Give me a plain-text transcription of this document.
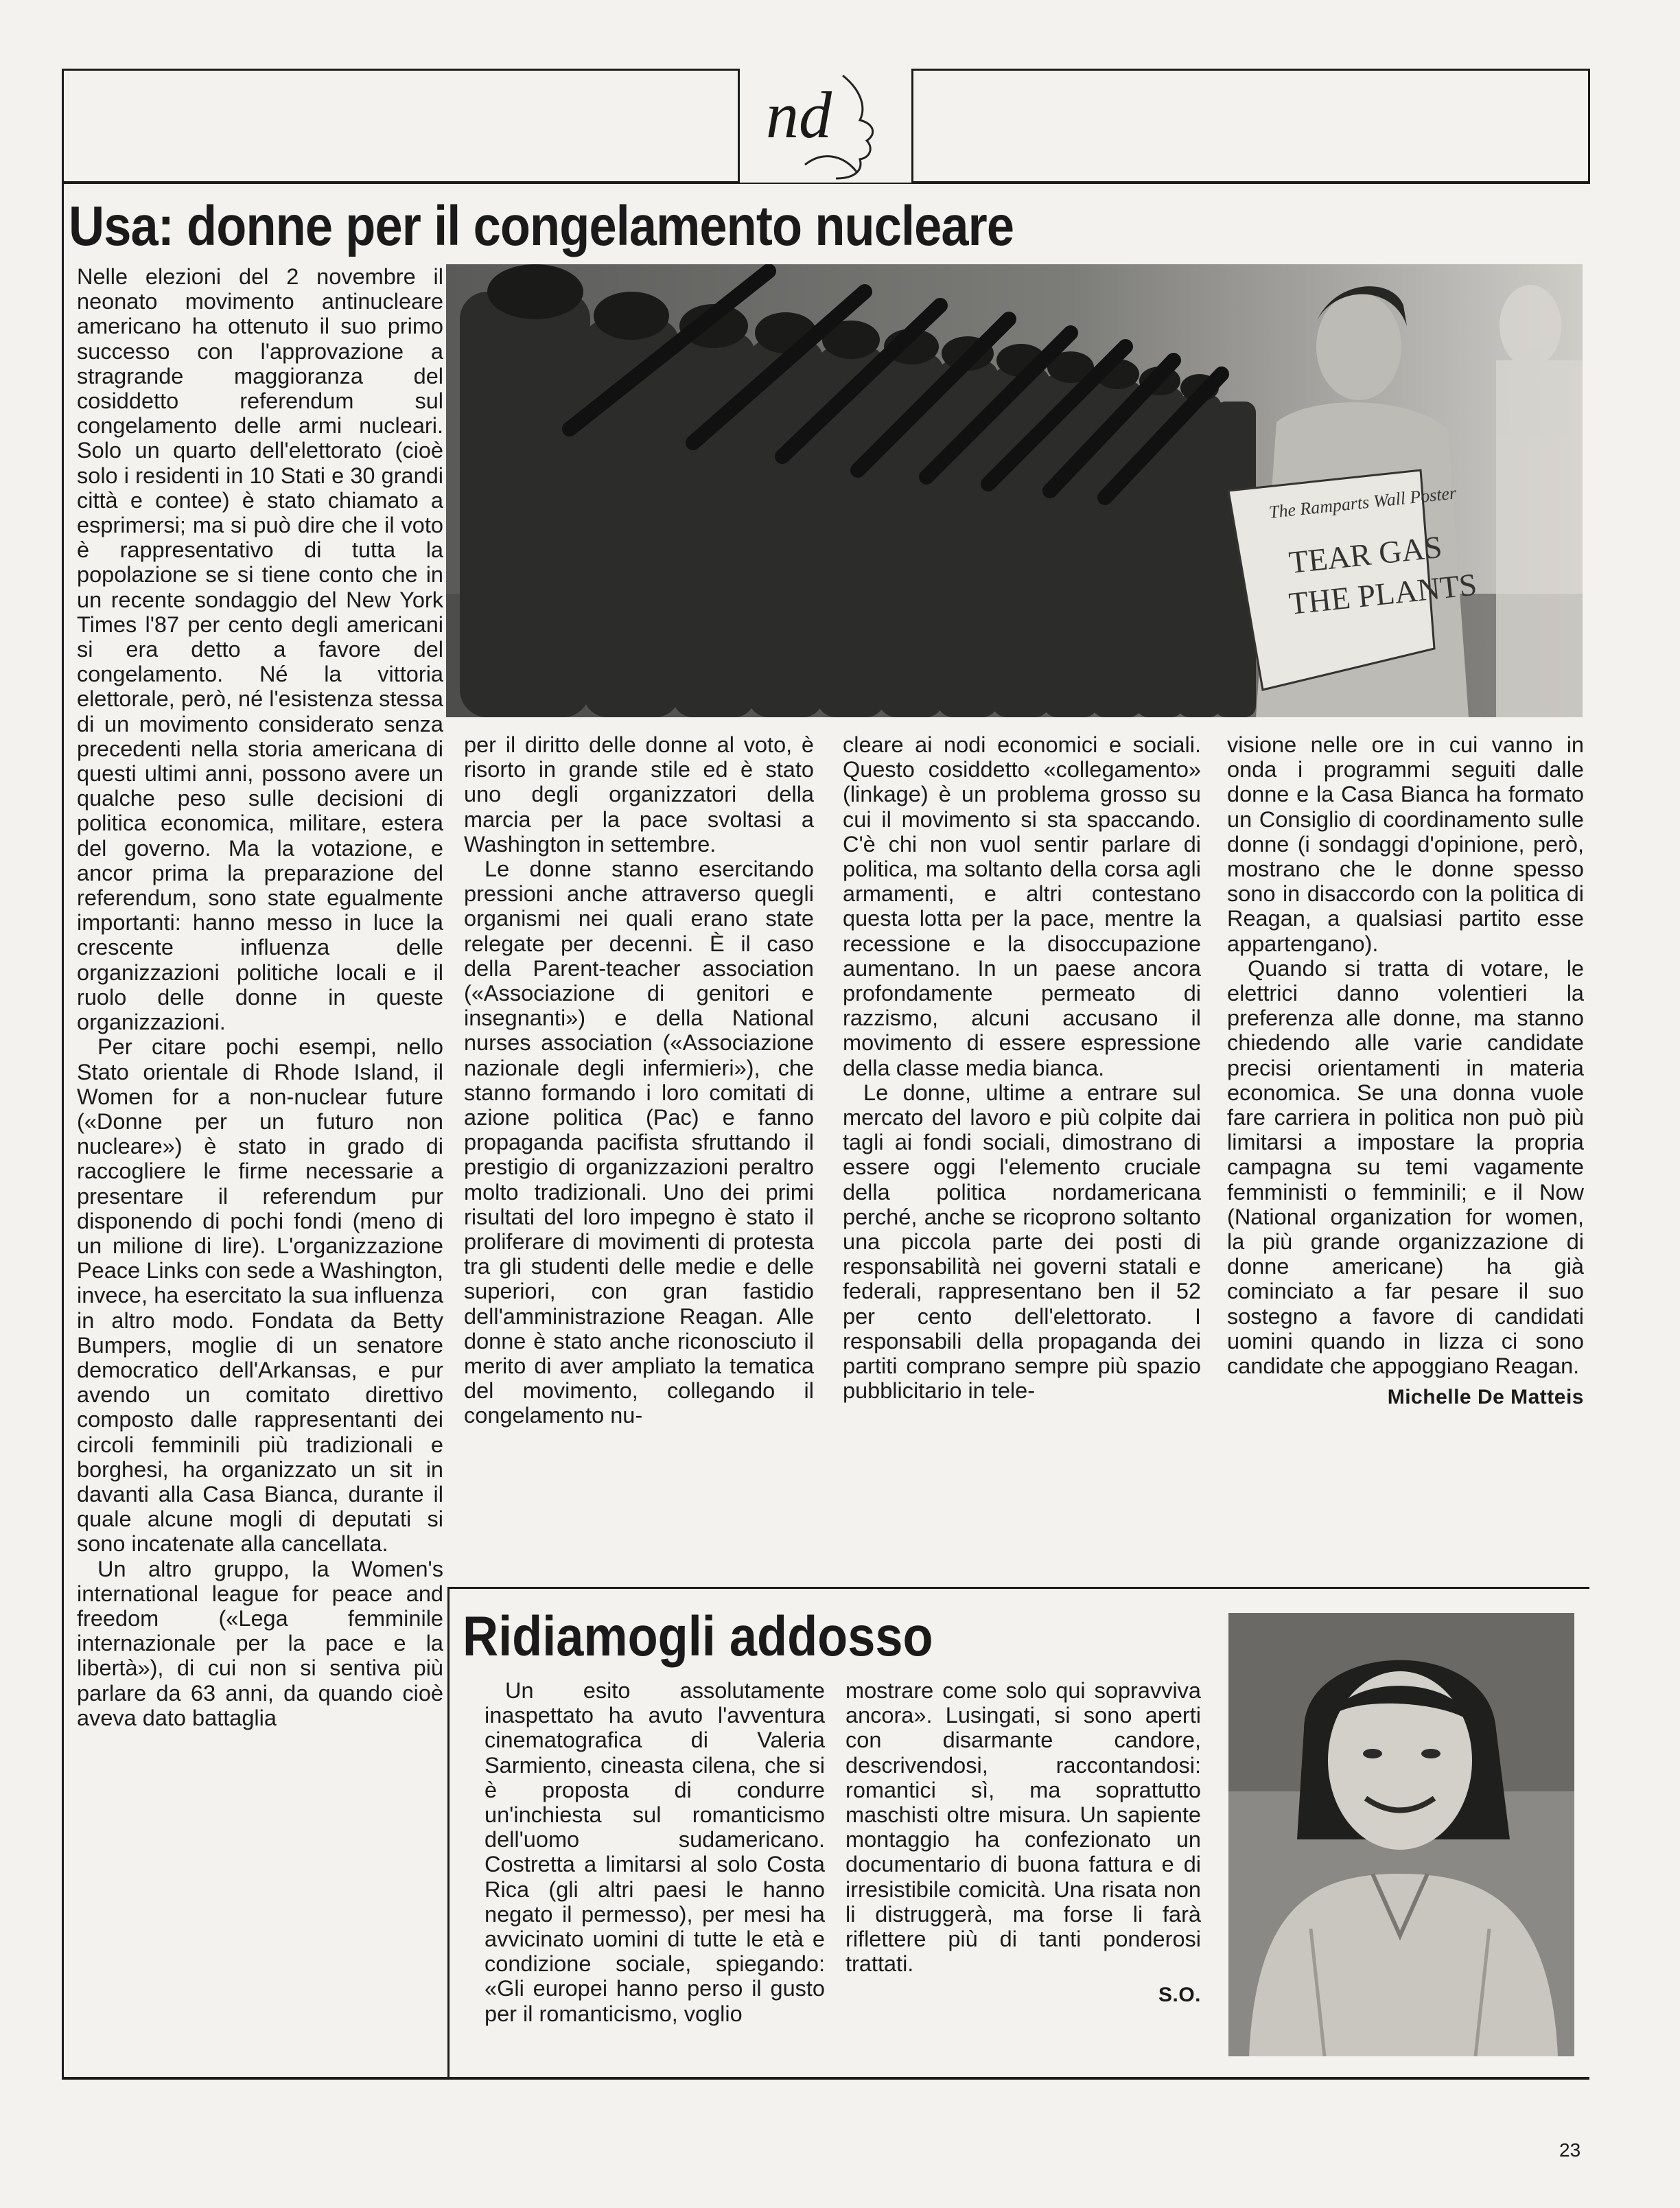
nd
Usa: donne per il congelamento nucleare

Nelle elezioni del 2 novembre il neonato movimento antinucleare americano ha ottenuto il suo primo successo con l'approvazione a stragrande maggioranza del cosiddetto referendum sul congelamento delle armi nucleari. Solo un quarto dell'elettorato (cioè solo i residenti in 10 Stati e 30 grandi città e contee) è stato chiamato a esprimersi; ma si può dire che il voto è rappresentativo di tutta la popolazione se si tiene conto che in un recente sondaggio del New York Times l'87 per cento degli americani si era detto a favore del congelamento. Né la vittoria elettorale, però, né l'esistenza stessa di un movimento considerato senza precedenti nella storia americana di questi ultimi anni, possono avere un qualche peso sulle decisioni di politica economica, militare, estera del governo. Ma la votazione, e ancor prima la preparazione del referendum, sono state egualmente importanti: hanno messo in luce la crescente influenza delle organizzazioni politiche locali e il ruolo delle donne in queste organizzazioni.

Per citare pochi esempi, nello Stato orientale di Rhode Island, il Women for a non-nuclear future («Donne per un futuro non nucleare») è stato in grado di raccogliere le firme necessarie a presentare il referendum pur disponendo di pochi fondi (meno di un milione di lire). L'organizzazione Peace Links con sede a Washington, invece, ha esercitato la sua influenza in altro modo. Fondata da Betty Bumpers, moglie di un senatore democratico dell'Arkansas, e pur avendo un comitato direttivo composto dalle rappresentanti dei circoli femminili più tradizionali e borghesi, ha organizzato un sit in davanti alla Casa Bianca, durante il quale alcune mogli di deputati si sono incatenate alla cancellata.

Un altro gruppo, la Women's international league for peace and freedom («Lega femminile internazionale per la pace e la libertà»), di cui non si sentiva più parlare da 63 anni, da quando cioè aveva dato battaglia

The Ramparts Wall Poster
TEAR GAS
THE PLANTS

per il diritto delle donne al voto, è risorto in grande stile ed è stato uno degli organizzatori della marcia per la pace svoltasi a Washington in settembre.

Le donne stanno esercitando pressioni anche attraverso quegli organismi nei quali erano state relegate per decenni. È il caso della Parent-teacher association («Associazione di genitori e insegnanti») e della National nurses association («Associazione nazionale degli infermieri»), che stanno formando i loro comitati di azione politica (Pac) e fanno propaganda pacifista sfruttando il prestigio di organizzazioni peraltro molto tradizionali. Uno dei primi risultati del loro impegno è stato il proliferare di movimenti di protesta tra gli studenti delle medie e delle superiori, con gran fastidio dell'amministrazione Reagan. Alle donne è stato anche riconosciuto il merito di aver ampliato la tematica del movimento, collegando il congelamento nu-

cleare ai nodi economici e sociali. Questo cosiddetto «collegamento» (linkage) è un problema grosso su cui il movimento si sta spaccando. C'è chi non vuol sentir parlare di politica, ma soltanto della corsa agli armamenti, e altri contestano questa lotta per la pace, mentre la recessione e la disoccupazione aumentano. In un paese ancora profondamente permeato di razzismo, alcuni accusano il movimento di essere espressione della classe media bianca.

Le donne, ultime a entrare sul mercato del lavoro e più colpite dai tagli ai fondi sociali, dimostrano di essere oggi l'elemento cruciale della politica nordamericana perché, anche se ricoprono soltanto una piccola parte dei posti di responsabilità nei governi statali e federali, rappresentano ben il 52 per cento dell'elettorato. I responsabili della propaganda dei partiti comprano sempre più spazio pubblicitario in tele-

visione nelle ore in cui vanno in onda i programmi seguiti dalle donne e la Casa Bianca ha formato un Consiglio di coordinamento sulle donne (i sondaggi d'opinione, però, mostrano che le donne spesso sono in disaccordo con la politica di Reagan, a qualsiasi partito esse appartengano).

Quando si tratta di votare, le elettrici danno volentieri la preferenza alle donne, ma stanno chiedendo alle varie candidate precisi orientamenti in materia economica. Se una donna vuole fare carriera in politica non può più limitarsi a impostare la propria campagna su temi vagamente femministi o femminili; e il Now (National organization for women, la più grande organizzazione di donne americane) ha già cominciato a far pesare il suo sostegno a favore di candidati uomini quando in lizza ci sono candidate che appoggiano Reagan.

Michelle De Matteis
Ridiamogli addosso

Un esito assolutamente inaspettato ha avuto l'avventura cinematografica di Valeria Sarmiento, cineasta cilena, che si è proposta di condurre un'inchiesta sul romanticismo dell'uomo sudamericano. Costretta a limitarsi al solo Costa Rica (gli altri paesi le hanno negato il permesso), per mesi ha avvicinato uomini di tutte le età e condizione sociale, spiegando: «Gli europei hanno perso il gusto per il romanticismo, voglio

mostrare come solo qui sopravviva ancora». Lusingati, si sono aperti con disarmante candore, descrivendosi, raccontandosi: romantici sì, ma soprattutto maschisti oltre misura. Un sapiente montaggio ha confezionato un documentario di buona fattura e di irresistibile comicità. Una risata non li distruggerà, ma forse li farà riflettere più di tanti ponderosi trattati.

S.O.
23
